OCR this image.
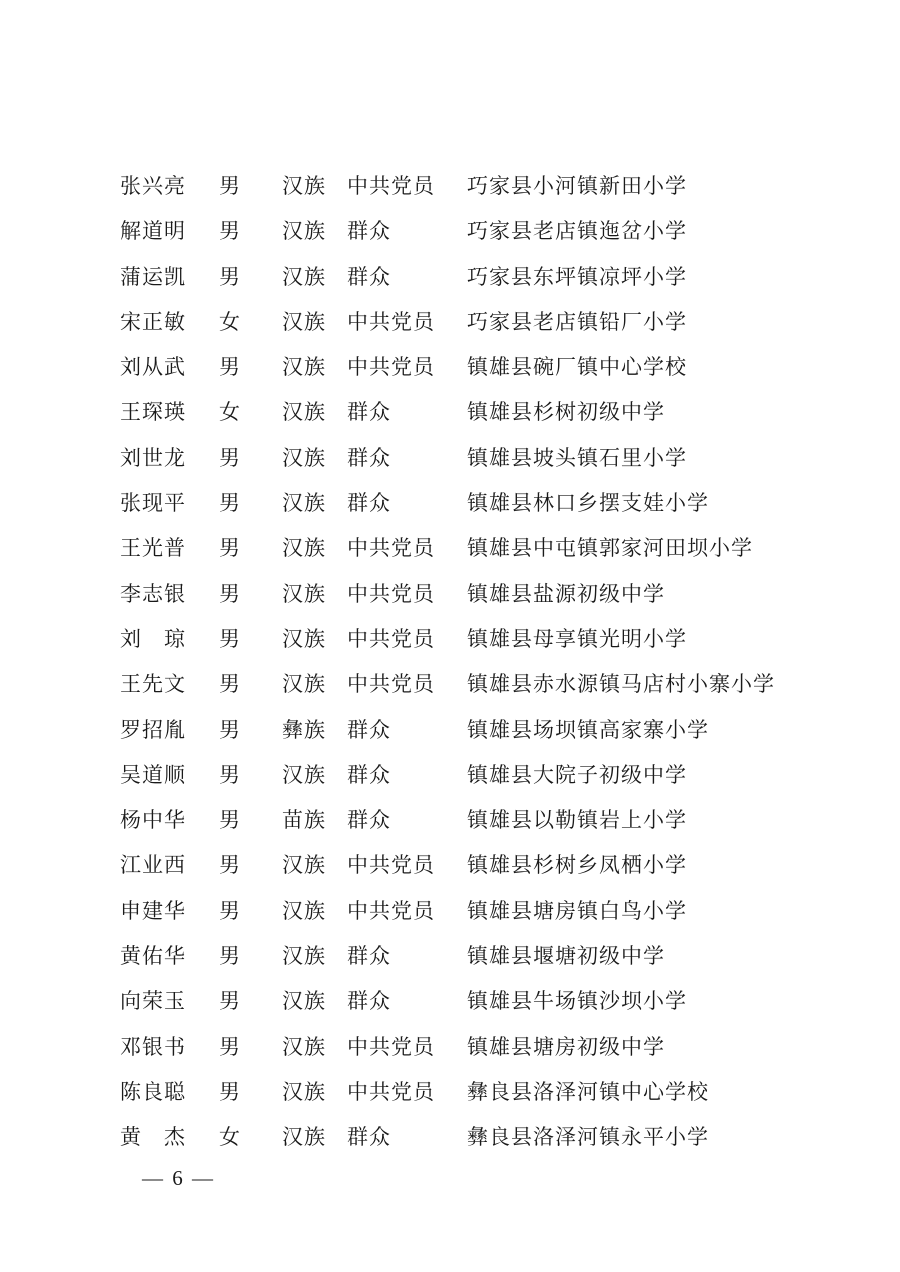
张兴亮 男 汉族 中共党员 巧家县小河镇新田小学
解道明 男 汉族 群众	巧家县老店镇迤岔小学
蒲运凯 男 汉族 群众	巧家县东坪镇凉坪小学
宋正敏 女 汉族 中共党员 巧家县老店镇铅厂小学
刘从武 男 汉族 中共党员 镇雄县碗厂镇中心学校
王琛瑛 女 汉族 群众	镇雄县杉树初级中学
刘世龙 男 汉族 群众	镇雄县坡头镇石里小学
张现平 男 汉族 群众	镇雄县林口乡摆支娃小学
王光普 男 汉族 中共党员 镇雄县中屯镇郭家河田坝小学
李志银 男 汉族 中共党员 镇雄县盐源初级中学
刘　琼 男 汉族 中共党员 镇雄县母享镇光明小学
王先文 男 汉族 中共党员 镇雄县赤水源镇马店村小寨小学
罗招胤 男 彝族 群众	镇雄县场坝镇高家寨小学
吴道顺 男 汉族 群众	镇雄县大院子初级中学
杨中华 男 苗族 群众	镇雄县以勒镇岩上小学
江业西 男 汉族 中共党员 镇雄县杉树乡凤栖小学
申建华 男 汉族 中共党员 镇雄县塘房镇白鸟小学
黄佑华 男 汉族 群众	镇雄县堰塘初级中学
向荣玉 男 汉族 群众	镇雄县牛场镇沙坝小学
邓银书 男 汉族 中共党员 镇雄县塘房初级中学
陈良聪 男 汉族 中共党员 彝良县洛泽河镇中心学校
黄　杰 女 汉族 群众	彝良县洛泽河镇永平小学
— 6 —
